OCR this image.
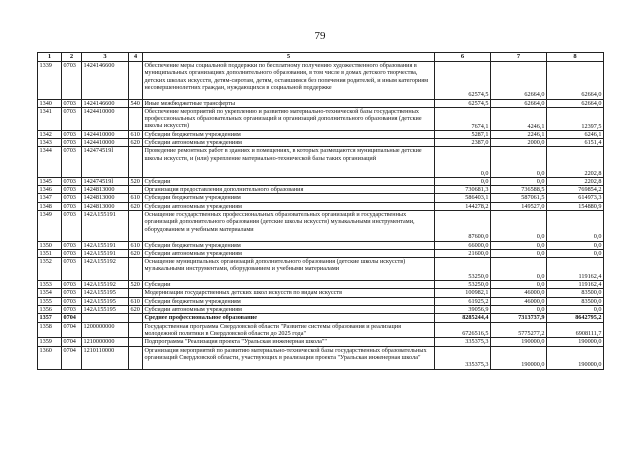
79
1	2	3	4	5	6	7	8
1339	0703	1424146600		Обеспечение меры социальной поддержки по бесплатному получению художественного образования в муниципальных организациях дополнительного образования, в том числе в домах детского творчества, детских школах искусств, детям-сиротам, детям, оставшимся без попечения родителей, и иным категориям несовершеннолетних граждан, нуждающихся в социальной поддержке	62574,5	62664,0	62664,0
1340	0703	1424146600	540	Иные межбюджетные трансферты	62574,5	62664,0	62664,0
1341	0703	1424410000		Обеспечение мероприятий по укреплению и развитию материально-технической базы государственных профессиональных образовательных организаций и организаций дополнительного образования (детские школы искусств)	7674,1	4246,1	12397,5
1342	0703	1424410000	610	Субсидии бюджетным учреждениям	5287,1	2246,1	6246,1
1343	0703	1424410000	620	Субсидии автономным учреждениям	2387,0	2000,0	6151,4
1344	0703	142474519l		Проведение ремонтных работ в зданиях и помещениях, в которых размещаются муниципальные детские школы искусств, и (или) укрепление материально-технической базы таких организаций	0,0	0,0	2202,8
1345	0703	142474519l	520	Субсидии	0,0	0,0	2202,8
1346	0703	1424813000		Организация предоставления дополнительного образования	730681,3	736588,5	769854,2
1347	0703	1424813000	610	Субсидии бюджетным учреждениям	586403,1	587061,5	614973,3
1348	0703	1424813000	620	Субсидии автономным учреждениям	144278,2	149527,0	154880,9
1349	0703	142A155191		Оснащение государственных профессиональных образовательных организаций и государственных организаций дополнительного образования (детские школы искусств) музыкальными инструментами, оборудованием и учебными материалами	87600,0	0,0	0,0
1350	0703	142A155191	610	Субсидии бюджетным учреждениям	66000,0	0,0	0,0
1351	0703	142A155191	620	Субсидии автономным учреждениям	21600,0	0,0	0,0
1352	0703	142A155192		Оснащение муниципальных организаций дополнительного образования (детские школы искусств) музыкальными инструментами, оборудованием и учебными материалами	53250,0	0,0	119162,4
1353	0703	142A155192	520	Субсидии	53250,0	0,0	119162,4
1354	0703	142A155195		Модернизация государственных детских школ искусств по видам искусств	100982,1	46000,0	83500,0
1355	0703	142A155195	610	Субсидии бюджетным учреждениям	61925,2	46000,0	83500,0
1356	0703	142A155195	620	Субсидии автономным учреждениям	39056,9	0,0	0,0
1357	0704			Среднее профессиональное образование	8285244,4	7313737,9	8642795,2
1358	0704	1200000000		Государственная программа Свердловской области "Развитие системы образования и реализация молодежной политики в Свердловской области до 2025 года"	6726516,5	5775277,2	6908111,7
1359	0704	1210000000		Подпрограмма "Реализация проекта "Уральская инженерная школа""	335375,3	190000,0	190000,0
1360	0704	1210110000		Организация мероприятий по развитию материально-технической базы государственных образовательных организаций Свердловской области, участвующих в реализации проекта "Уральская инженерная школа"	335375,3	190000,0	190000,0
